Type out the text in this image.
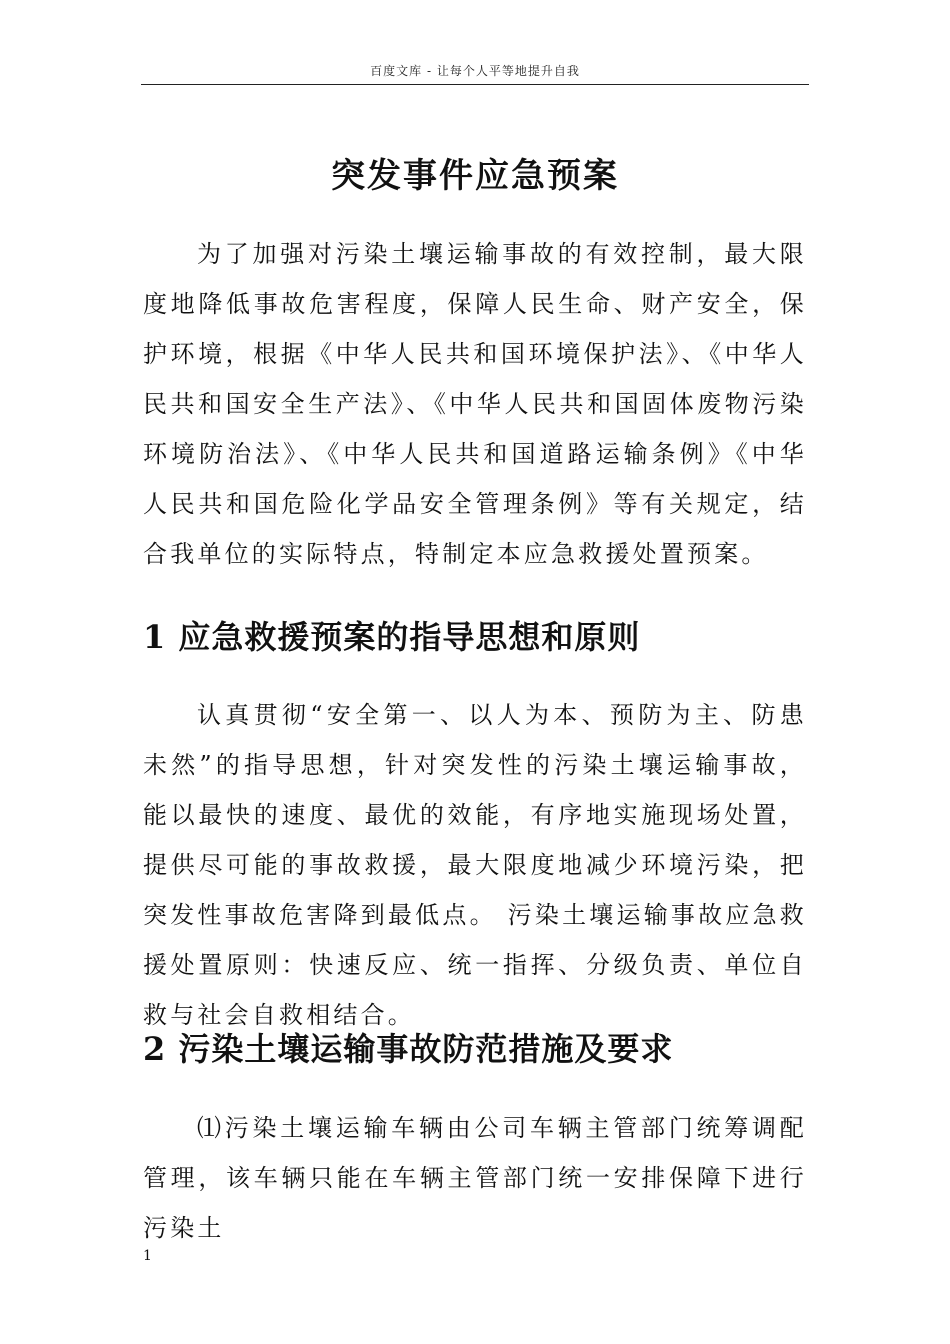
百度文库 - 让每个人平等地提升自我
突发事件应急预案

为了加强对污染土壤运输事故的有效控制，最大限度地降低事故危害程度，保障人民生命、财产安全，保护环境，根据《中华人民共和国环境保护法》、《中华人民共和国安全生产法》、《中华人民共和国固体废物污染环境防治法》、《中华人民共和国道路运输条例》《中华人民共和国危险化学品安全管理条例》等有关规定，结合我单位的实际特点，特制定本应急救援处置预案。

1 应急救援预案的指导思想和原则

认真贯彻“安全第一、以人为本、预防为主、防患未然”的指导思想，针对突发性的污染土壤运输事故，能以最快的速度、最优的效能，有序地实施现场处置，提供尽可能的事故救援，最大限度地减少环境污染，把突发性事故危害降到最低点。 污染土壤运输事故应急救援处置原则：快速反应、统一指挥、分级负责、单位自救与社会自救相结合。

2 污染土壤运输事故防范措施及要求

⑴污染土壤运输车辆由公司车辆主管部门统筹调配管理，该车辆只能在车辆主管部门统一安排保障下进行污染土

1
